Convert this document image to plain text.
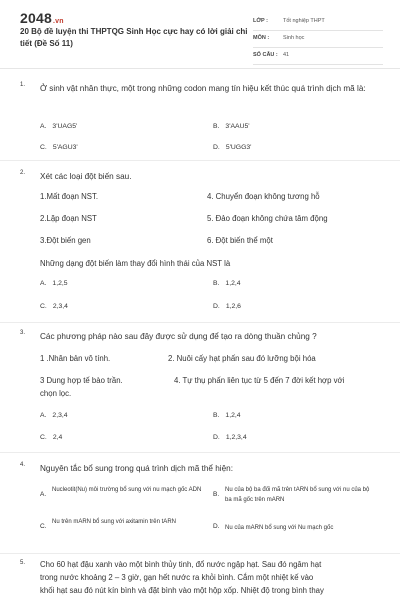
2048.vn
20 Bộ đề luyện thi THPTQG Sinh Học cực hay có lời giải chi tiết (Đề Số 11)
LỚP :	Tốt nghiệp THPT
MÔN :	Sinh học
SỐ CÂU : 41
1. Ở sinh vật nhân thực, một trong những codon mang tín hiệu kết thúc quá trình dịch mã là:
A. 3'UAG5'	B. 3'AAU5'
C. 5'AGU3'	D. 5'UGG3'
2. Xét các loại đột biến sau.
1.Mất đoạn NST.	4. Chuyển đoạn không tương hỗ
2.Lặp đoạn NST	5. Đảo đoạn không chứa tâm động
3.Đột biến gen	6. Đột biến thể một
Những dạng đột biến làm thay đổi hình thái của NST là
A. 1,2,5	B. 1,2,4
C. 2,3,4	D. 1,2,6
3. Các phương pháp nào sau đây được sử dụng để tạo ra dòng thuần chủng ?
1 .Nhân bản vô tính.	2. Nuôi cấy hạt phấn sau đó lưỡng bội hóa
3 Dung hợp tế bào trần.	4. Tự thụ phấn liên tục từ 5 đến 7 đời kết hợp với
chọn lọc.
A. 2,3,4	B. 1,2,4
C. 2,4	D. 1,2,3,4
4. Nguyên tắc bổ sung trong quá trình dịch mã thể hiện:
A.
Nucleotit(Nu) môi trường bổ sung với nu mạch gốc ADN
B.
Nu của bộ ba đối mã trên tARN bổ sung với nu của bộ ba mã gốc trên mARN
C.
Nu trên mARN bổ sung với axitamin trên tARN
D. Nu của mARN bổ sung với Nu mạch gốc
5. Cho 60 hạt đậu xanh vào một bình thủy tinh, đổ nước ngập hạt. Sau đó ngâm hạt
trong nước khoảng 2 – 3 giờ, gạn hết nước ra khỏi bình. Cắm một nhiệt kế vào
khối hạt sau đó nút kín bình và đặt bình vào một hộp xốp. Nhiệt độ trong bình thay
